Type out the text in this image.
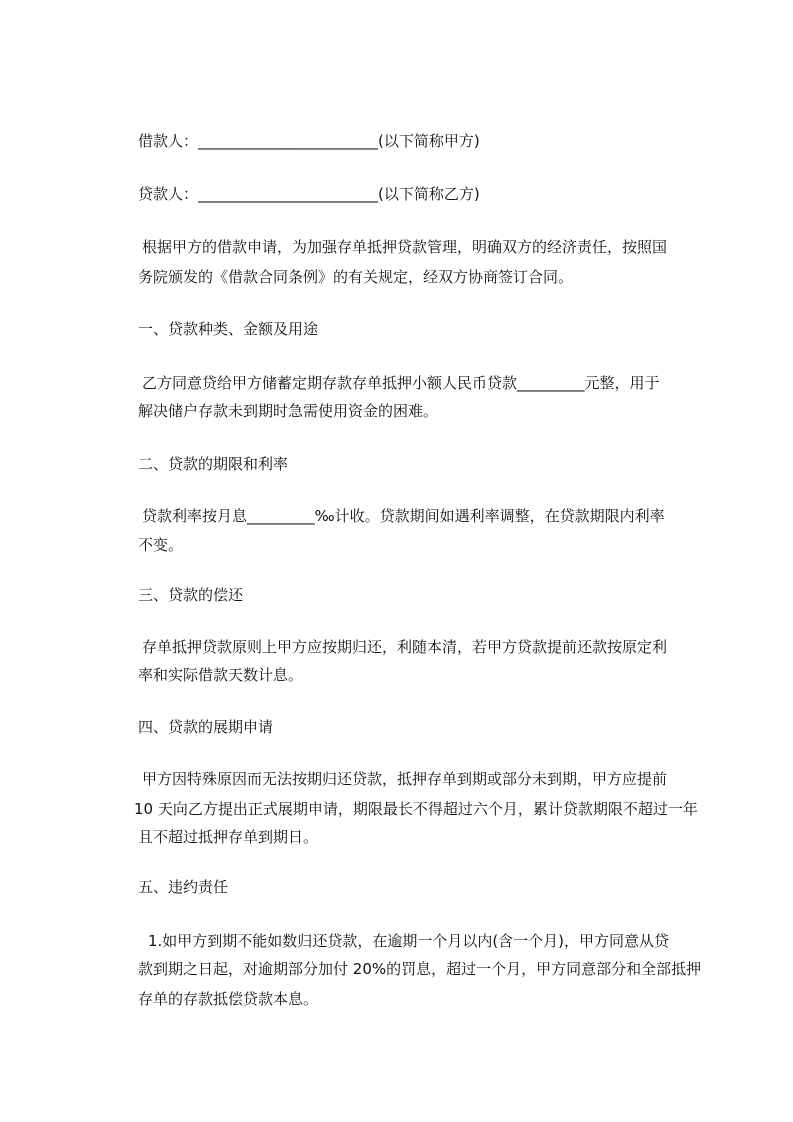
借款人：________________________(以下简称甲方)
贷款人：________________________(以下简称乙方)
根据甲方的借款申请，为加强存单抵押贷款管理，明确双方的经济责任，按照国
务院颁发的《借款合同条例》的有关规定，经双方协商签订合同。
一、贷款种类、金额及用途
乙方同意贷给甲方储蓄定期存款存单抵押小额人民币贷款_________元整，用于
解决储户存款未到期时急需使用资金的困难。
二、贷款的期限和利率
贷款利率按月息_________‰计收。贷款期间如遇利率调整，在贷款期限内利率
不变。
三、贷款的偿还
存单抵押贷款原则上甲方应按期归还，利随本清，若甲方贷款提前还款按原定利
率和实际借款天数计息。
四、贷款的展期申请
甲方因特殊原因而无法按期归还贷款，抵押存单到期或部分未到期，甲方应提前
10 天向乙方提出正式展期申请，期限最长不得超过六个月，累计贷款期限不超过一年
且不超过抵押存单到期日。
五、违约责任
1.如甲方到期不能如数归还贷款，在逾期一个月以内(含一个月)，甲方同意从贷
款到期之日起，对逾期部分加付 20%的罚息，超过一个月，甲方同意部分和全部抵押
存单的存款抵偿贷款本息。
